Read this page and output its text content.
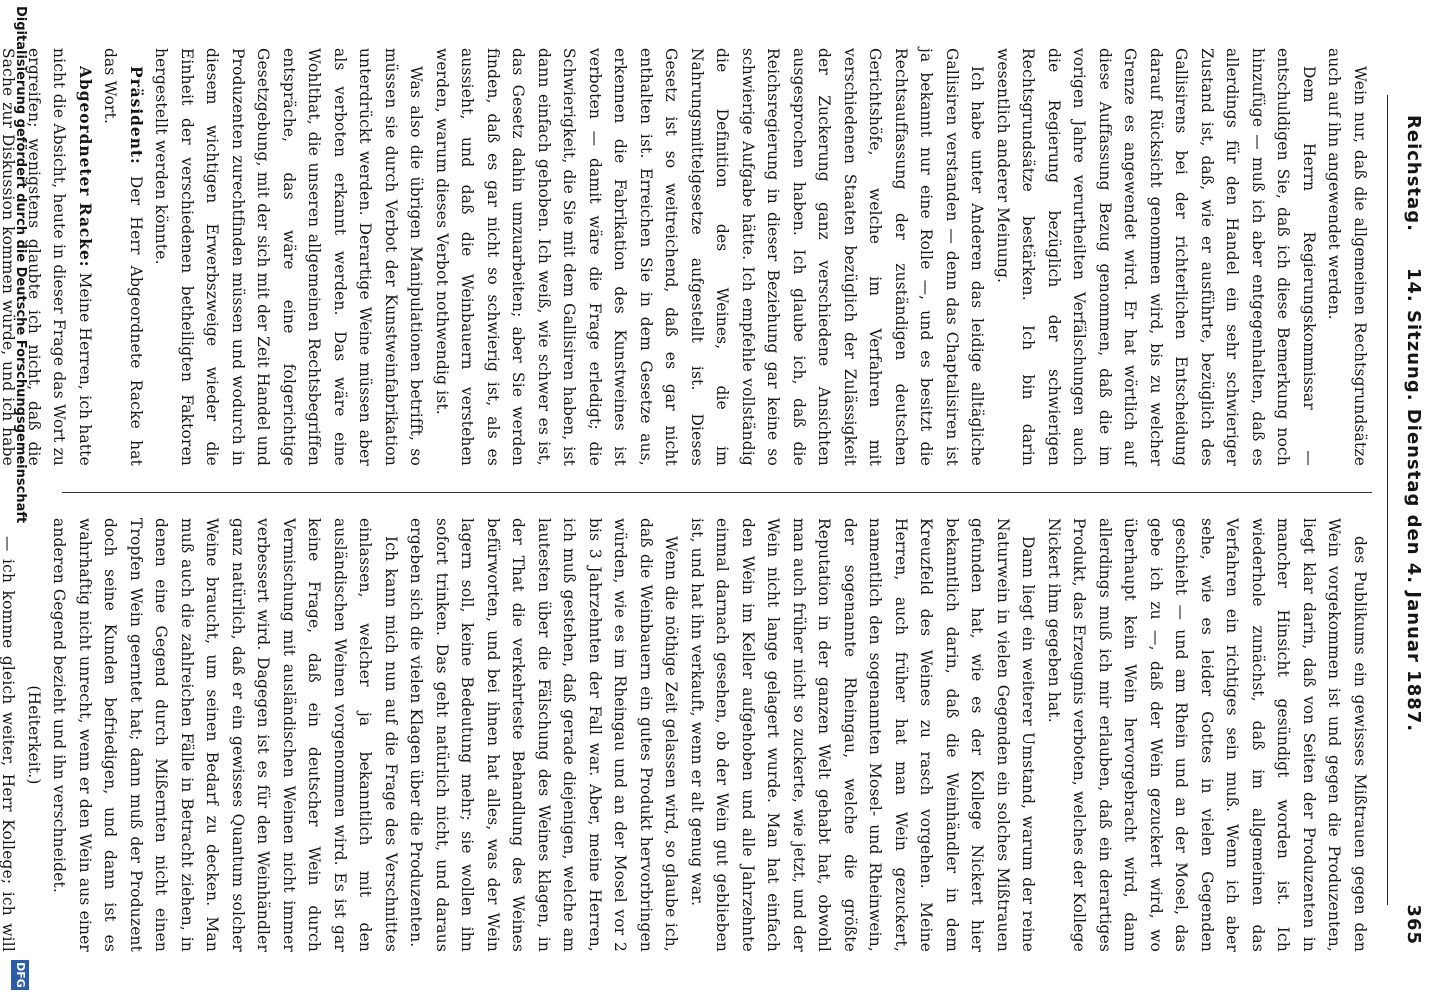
Reichstag.
14. Sitzung. Dienstag den 4. Januar 1887.
365

Wein nur, daß die allgemeinen Rechtsgrundsätze auch auf ihn angewendet werden.

Dem Herrn Regierungskommissar — entschuldigen Sie, daß ich diese Bemerkung noch hinzufüge — muß ich aber entgegenhalten, daß es allerdings für den Handel ein sehr schwieriger Zustand ist, daß, wie er ausführte, bezüglich des Gallisirens bei der richterlichen Entscheidung darauf Rücksicht genommen wird, bis zu welcher Grenze es angewendet wird. Er hat wörtlich auf diese Auffassung Bezug genommen, daß die im vorigen Jahre verurtheilten Verfälschungen auch die Regierung bezüglich der schwierigen Rechtsgrundsätze bestärken. Ich bin darin wesentlich anderer Meinung.

Ich habe unter Anderen das leidige alltägliche Gallisiren verstanden — denn das Chaptalisiren ist ja bekannt nur eine Rolle —, und es besitzt die Rechtsauffassung der zuständigen deutschen Gerichtshöfe, welche im Verfahren mit verschiedenen Staaten bezüglich der Zulässigkeit der Zuckerung ganz verschiedene Ansichten ausgesprochen haben. Ich glaube ich, daß die Reichsregierung in dieser Beziehung gar keine so schwierige Aufgabe hätte. Ich empfehle vollständig die Definition des Weines, die im Nahrungsmittelgesetze aufgestellt ist. Dieses Gesetz ist so weitreichend, daß es gar nicht enthalten ist. Erreichen Sie in dem Gesetze aus, erkennen die Fabrikation des Kunstweines ist verboten — damit wäre die Frage erledigt; die Schwierigkeit, die Sie mit dem Gallisiren haben, ist dann einfach gehoben. Ich weiß, wie schwer es ist, das Gesetz dahin umzuarbeiten; aber Sie werden finden, daß es gar nicht so schwierig ist, als es aussieht, und daß die Weinbauern verstehen werden, warum dieses Verbot nothwendig ist.

Was also die übrigen Manipulationen betrifft, so müssen sie durch Verbot der Kunstweinfabrikation unterdrückt werden. Derartige Weine müssen aber als verboten erkannt werden. Das wäre eine Wohlthat, die unseren allgemeinen Rechtsbegriffen entspräche, das wäre eine folgerichtige Gesetzgebung, mit der sich mit der Zeit Handel und Produzenten zurechtfinden müssen und wodurch in diesem wichtigen Erwerbszweige wieder die Einheit der verschiedenen betheiligten Faktoren hergestellt werden könnte.

Präsident: Der Herr Abgeordnete Racke hat das Wort.

Abgeordneter Racke: Meine Herren, ich hatte nicht die Absicht, heute in dieser Frage das Wort zu ergreifen; wenigstens glaubte ich nicht, daß die Sache zur Diskussion kommen würde, und ich habe

des Publikums ein gewisses Mißtrauen gegen den Wein vorgekommen ist und gegen die Produzenten, liegt klar darin, daß von Seiten der Produzenten in mancher Hinsicht gesündigt worden ist. Ich wiederhole zunächst, daß im allgemeinen das Verfahren ein richtiges sein muß. Wenn ich aber sehe, wie es leider Gottes in vielen Gegenden geschieht — und am Rhein und an der Mosel, das gebe ich zu —, daß der Wein gezuckert wird, wo überhaupt kein Wein hervorgebracht wird, dann allerdings muß ich mir erlauben, daß ein derartiges Produkt, das Erzeugnis verboten, welches der Kollege Nickert ihm gegeben hat.

Dann liegt ein weiterer Umstand, warum der reine Naturwein in vielen Gegenden ein solches Mißtrauen gefunden hat, wie es der Kollege Nickert hier bekanntlich darin, daß die Weinhändler in dem Kreuzfeld des Weines zu rasch vorgehen. Meine Herren, auch früher hat man Wein gezuckert, namentlich den sogenannten Mosel- und Rheinwein, der sogenannte Rheingau, welche die größte Reputation in der ganzen Welt gehabt hat, obwohl man auch früher nicht so zuckerte, wie jetzt, und der Wein nicht lange gelagert wurde. Man hat einfach den Wein im Keller aufgehoben und alle Jahrzehnte einmal darnach gesehen, ob der Wein gut geblieben ist, und hat ihn verkauft, wenn er alt genug war.

Wenn die nöthige Zeit gelassen wird, so glaube ich, daß die Weinbauern ein gutes Produkt hervorbringen würden, wie es im Rheingau und an der Mosel vor 2 bis 3 Jahrzehnten der Fall war. Aber, meine Herren, ich muß gestehen, daß gerade diejenigen, welche am lautesten über die Fälschung des Weines klagen, in der That die verkehrteste Behandlung des Weines befürworten, und bei ihnen hat alles, was der Wein lagern soll, keine Bedeutung mehr; sie wollen ihn sofort trinken. Das geht natürlich nicht, und daraus ergeben sich die vielen Klagen über die Produzenten.

Ich kann mich nun auf die Frage des Verschnittes einlassen, welcher ja bekanntlich mit den ausländischen Weinen vorgenommen wird. Es ist gar keine Frage, daß ein deutscher Wein durch Vermischung mit ausländischen Weinen nicht immer verbessert wird. Dagegen ist es für den Weinhändler ganz natürlich, daß er ein gewisses Quantum solcher Weine braucht, um seinen Bedarf zu decken. Man muß auch die zahlreichen Fälle in Betracht ziehen, in denen eine Gegend durch Mißernten nicht einen Tropfen Wein geerntet hat; dann muß der Produzent doch seine Kunden befriedigen, und dann ist es wahrhaftig nicht unrecht, wenn er den Wein aus einer anderen Gegend bezieht und ihn verschneidet.

(Heiterkeit.)

— ich komme gleich weiter, Herr Kollege; ich will

Digitalisierung gefördert durch die Deutsche Forschungsgemeinschaft
DFG
